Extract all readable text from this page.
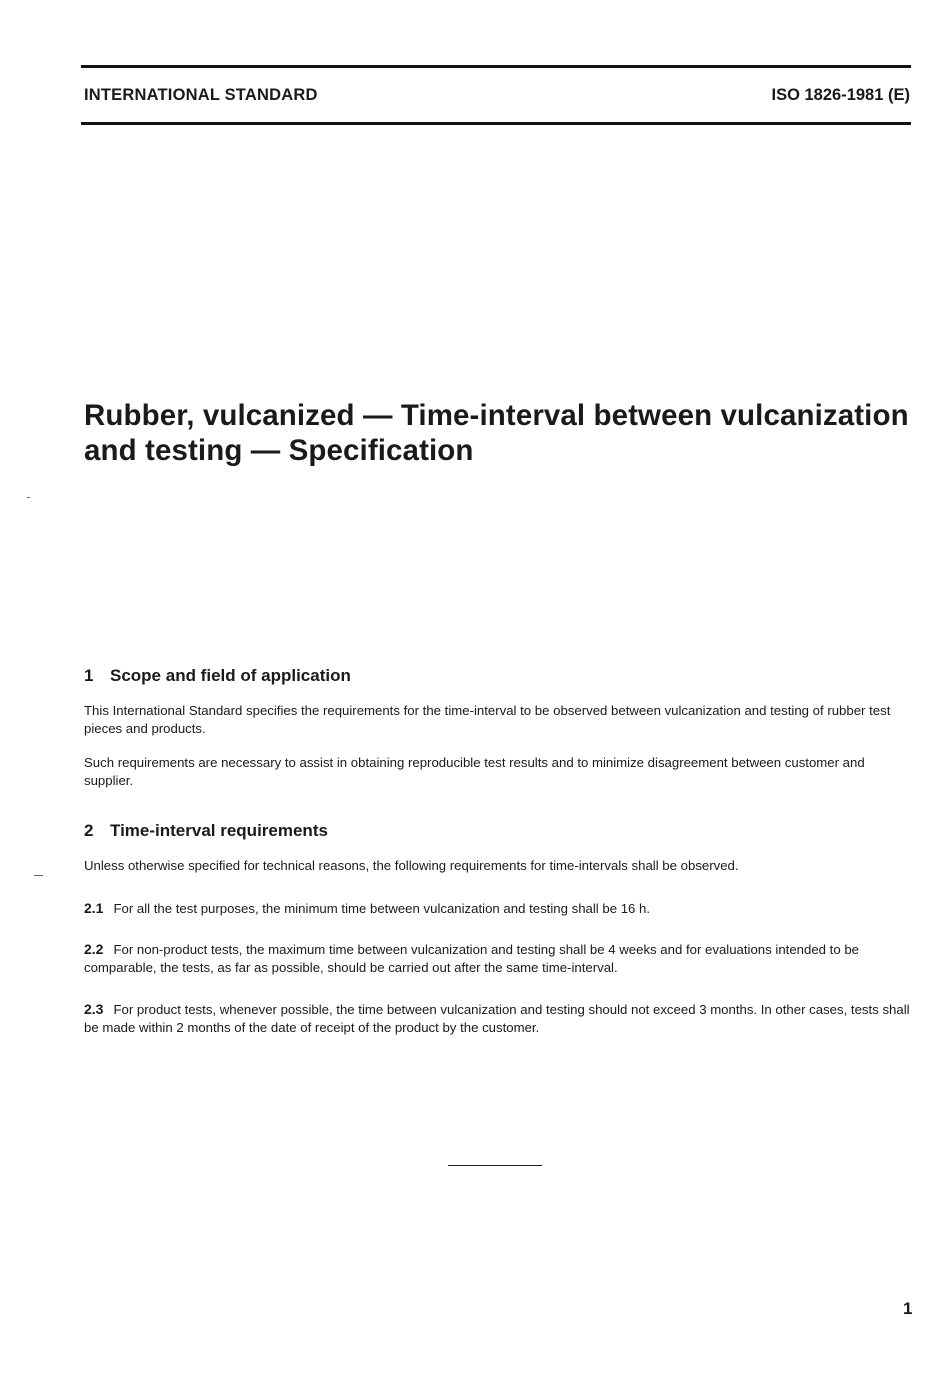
INTERNATIONAL STANDARD	ISO 1826-1981 (E)
Rubber, vulcanized — Time-interval between vulcanization and testing — Specification
1 Scope and field of application

This International Standard specifies the requirements for the time-interval to be observed between vulcanization and testing of rubber test pieces and products.

Such requirements are necessary to assist in obtaining reproducible test results and to minimize disagreement between customer and supplier.

2 Time-interval requirements

Unless otherwise specified for technical reasons, the following requirements for time-intervals shall be observed.

2.1 For all the test purposes, the minimum time between vulcanization and testing shall be 16 h.

2.2 For non-product tests, the maximum time between vulcanization and testing shall be 4 weeks and for evaluations intended to be comparable, the tests, as far as possible, should be carried out after the same time-interval.

2.3 For product tests, whenever possible, the time between vulcanization and testing should not exceed 3 months. In other cases, tests shall be made within 2 months of the date of receipt of the product by the customer.

1
